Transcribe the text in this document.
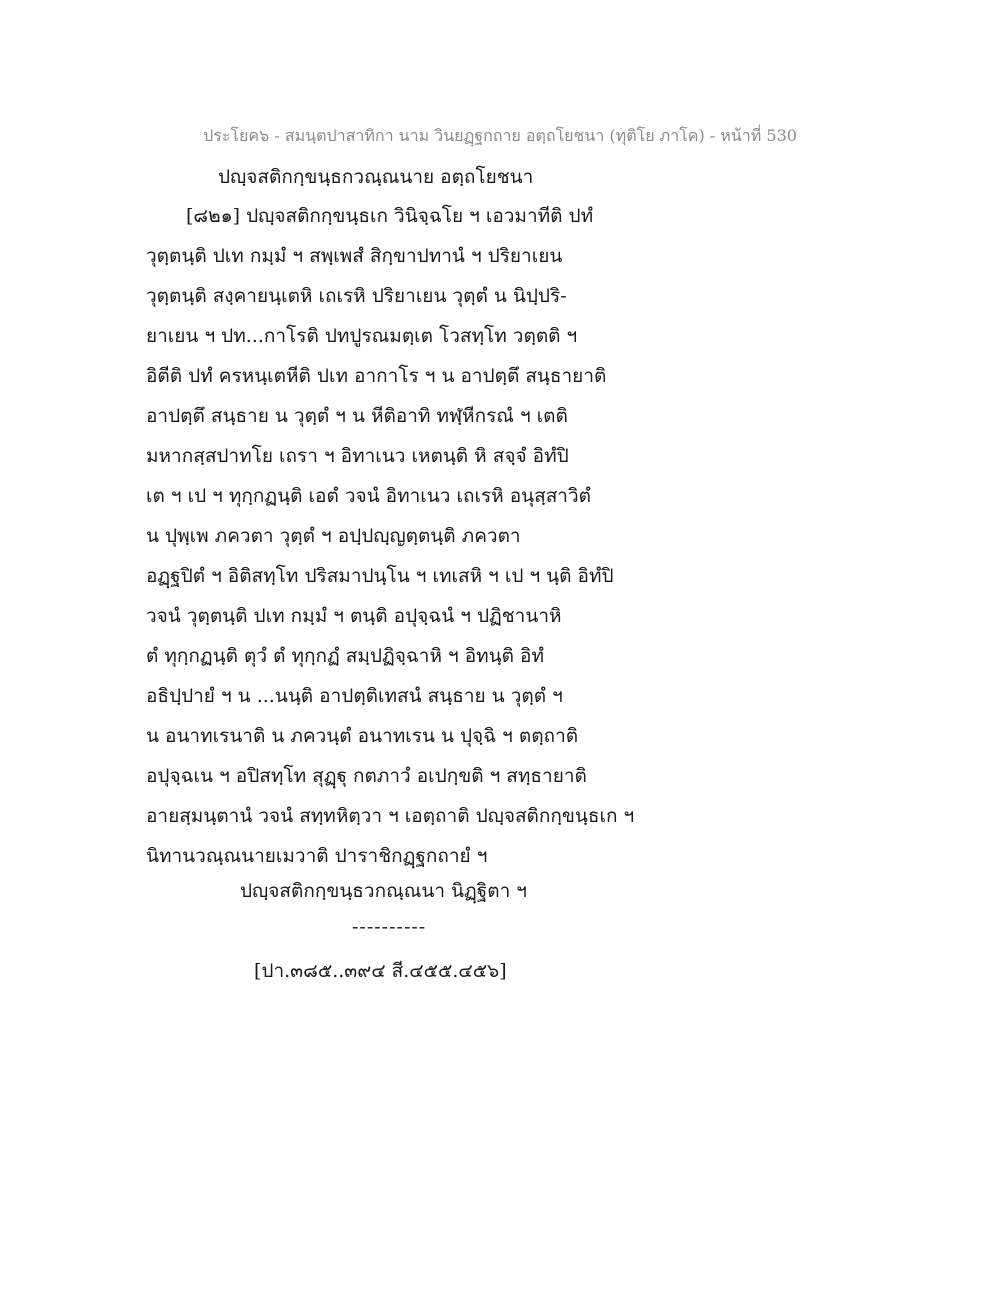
ประโยค๖ - สมนฺตปาสาทิกา นาม วินยฏฺฐกถาย อตฺถโยชนา (ทุติโย ภาโค) - หน้าที่ 530
ปญฺจสติกกฺขนฺธกวณฺณนาย อตฺถโยชนา
[๘๒๑] ปญฺจสติกกฺขนฺธเก วินิจฺฉโย ฯ เอวมาทีติ ปทํ
วุตฺตนฺติ ปเท กมฺมํ ฯ สพฺเพสํ สิกฺขาปทานํ ฯ ปริยาเยน
วุตฺตนฺติ สงฺคายนฺเตหิ เถเรหิ ปริยาเยน วุตฺตํ น นิปฺปริ-
ยาเยน ฯ ปท...กาโรติ ปทปูรณมตฺเต โวสทฺโท วตฺตติ ฯ
อิตีติ ปทํ ครหนฺเตหีติ ปเท อากาโร ฯ น อาปตฺตึ สนฺธายาติ
อาปตฺตึ สนฺธาย น วุตฺตํ ฯ น หีติอาทิ ทฬฺหีกรณํ ฯ เตติ
มหากสฺสปาทโย เถรา ฯ อิทาเนว เหตนฺติ หิ สจฺจํ อิทํปิ
เต ฯ เป ฯ ทุกฺกฏนฺติ เอตํ วจนํ อิทาเนว เถเรหิ อนุสฺสาวิตํ
น ปุพฺเพ ภควตา วุตฺตํ ฯ อปฺปญฺญตฺตนฺติ ภควตา
อฏฺฐปิตํ ฯ อิติสทฺโท ปริสมาปนฺโน ฯ เทเสหิ ฯ เป ฯ นฺติ อิทํปิ
วจนํ วุตฺตนฺติ ปเท กมฺมํ ฯ ตนฺติ อปุจฺฉนํ ฯ ปฏิชานาหิ
ตํ ทุกฺกฏนฺติ ตุวํ ตํ ทุกฺกฏํ สมฺปฏิจฺฉาหิ ฯ อิทนฺติ อิทํ
อธิปฺปายํ ฯ น ...นนฺติ อาปตฺติเทสนํ สนฺธาย น วุตฺตํ ฯ
น อนาทเรนาติ น ภควนฺตํ อนาทเรน น ปุจฺฉิ ฯ ตตฺถาติ
อปุจฺฉเน ฯ อปิสทฺโท สุฏฺฐุ กตภาวํ อเปกฺขติ ฯ สทฺธายาติ
อายสฺมนฺตานํ วจนํ สทฺทหิตฺวา ฯ เอตฺถาติ ปญฺจสติกกฺขนฺธเก ฯ
นิทานวณฺณนายเมวาติ ปาราชิกฏฺฐกถายํ ฯ
ปญฺจสติกกฺขนฺธวกณฺณนา นิฏฺฐิตา ฯ
----------
[ปา.๓๘๕..๓๙๔ สี.๔๕๕.๔๕๖]
